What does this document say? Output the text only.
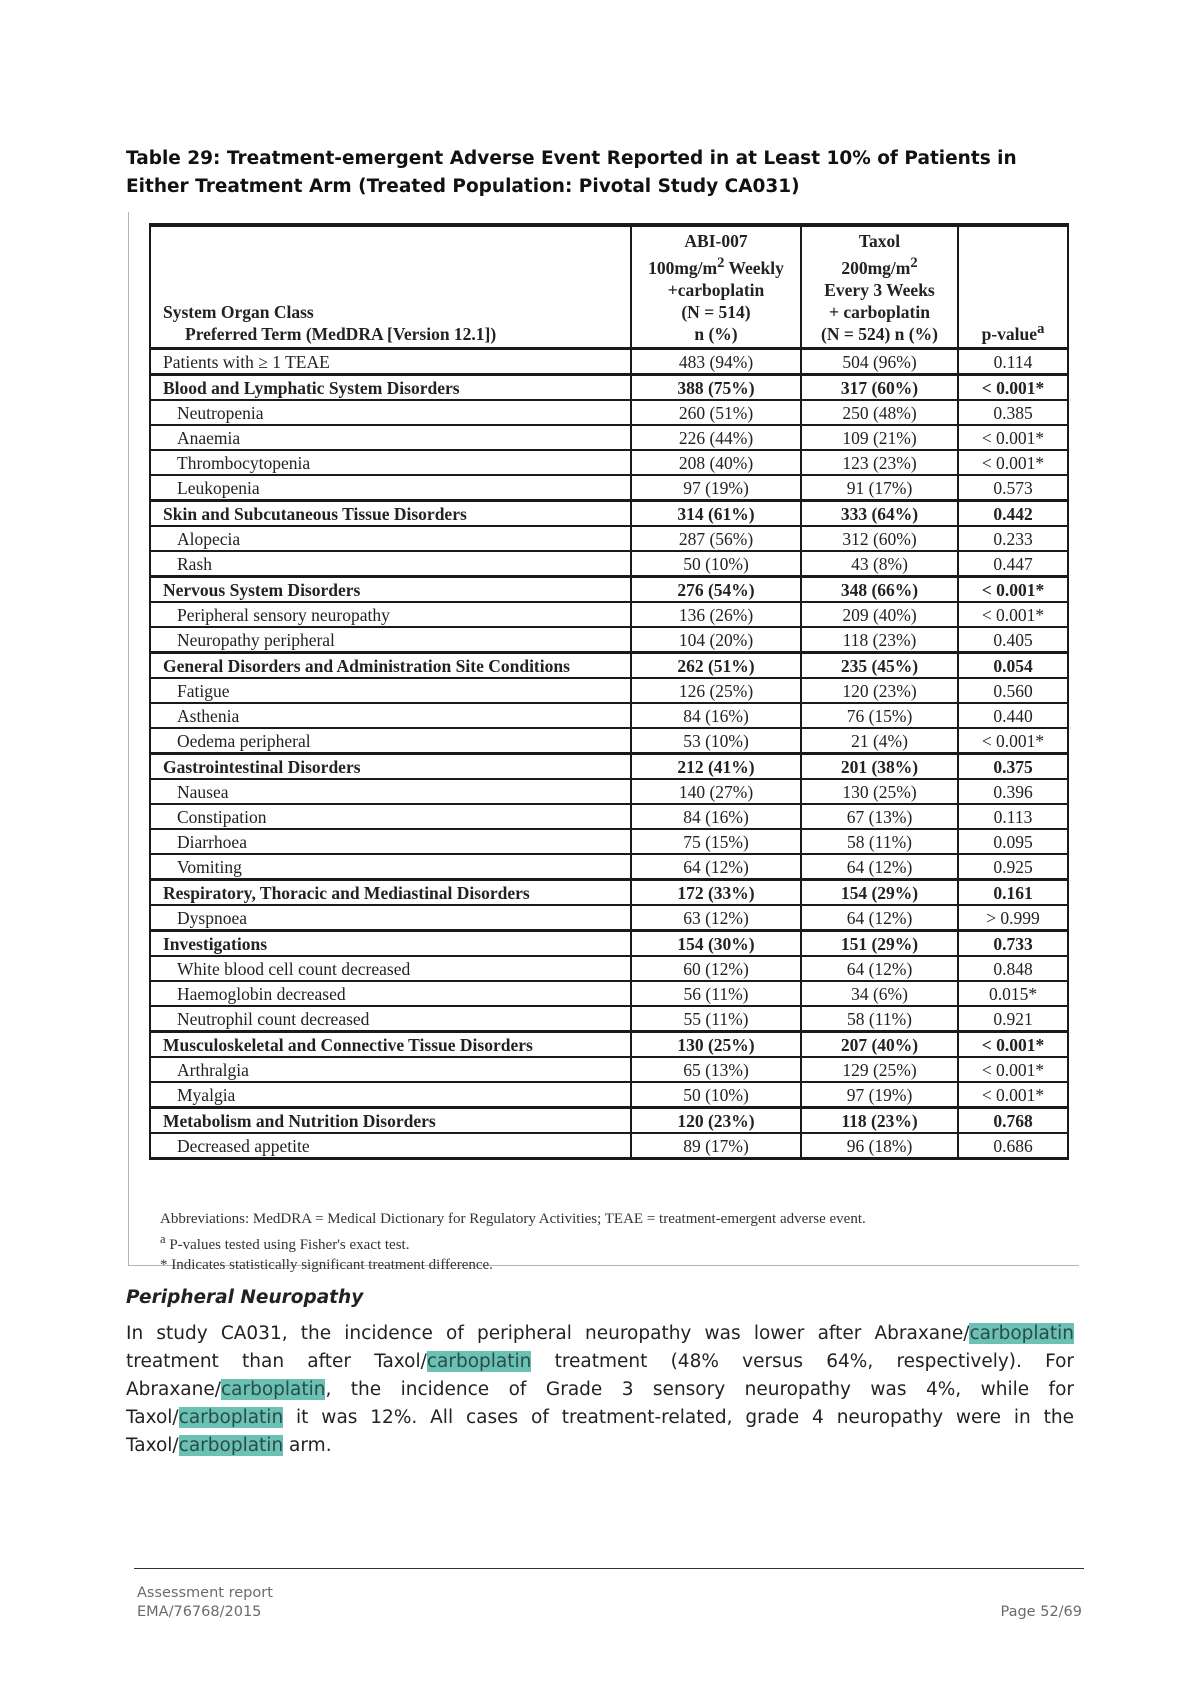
Table 29: Treatment-emergent Adverse Event Reported in at Least 10% of Patients in Either Treatment Arm (Treated Population: Pivotal Study CA031)
System Organ Class
Preferred Term (MedDRA [Version 12.1])	ABI-007
$100mg/m^2$ Weekly
+carboplatin
(N = 514)
n (%)	Taxol
$200mg/m^2$
Every 3 Weeks
+ carboplatin
(N = 524) n (%)	p-value$^a$
Patients with ≥ 1 TEAE	483 (94%)	504 (96%)	0.114
Blood and Lymphatic System Disorders	388 (75%)	317 (60%)	< 0.001*
Neutropenia	260 (51%)	250 (48%)	0.385
Anaemia	226 (44%)	109 (21%)	< 0.001*
Thrombocytopenia	208 (40%)	123 (23%)	< 0.001*
Leukopenia	97 (19%)	91 (17%)	0.573
Skin and Subcutaneous Tissue Disorders	314 (61%)	333 (64%)	0.442
Alopecia	287 (56%)	312 (60%)	0.233
Rash	50 (10%)	43 (8%)	0.447
Nervous System Disorders	276 (54%)	348 (66%)	< 0.001*
Peripheral sensory neuropathy	136 (26%)	209 (40%)	< 0.001*
Neuropathy peripheral	104 (20%)	118 (23%)	0.405
General Disorders and Administration Site Conditions	262 (51%)	235 (45%)	0.054
Fatigue	126 (25%)	120 (23%)	0.560
Asthenia	84 (16%)	76 (15%)	0.440
Oedema peripheral	53 (10%)	21 (4%)	< 0.001*
Gastrointestinal Disorders	212 (41%)	201 (38%)	0.375
Nausea	140 (27%)	130 (25%)	0.396
Constipation	84 (16%)	67 (13%)	0.113
Diarrhoea	75 (15%)	58 (11%)	0.095
Vomiting	64 (12%)	64 (12%)	0.925
Respiratory, Thoracic and Mediastinal Disorders	172 (33%)	154 (29%)	0.161
Dyspnoea	63 (12%)	64 (12%)	> 0.999
Investigations	154 (30%)	151 (29%)	0.733
White blood cell count decreased	60 (12%)	64 (12%)	0.848
Haemoglobin decreased	56 (11%)	34 (6%)	0.015*
Neutrophil count decreased	55 (11%)	58 (11%)	0.921
Musculoskeletal and Connective Tissue Disorders	130 (25%)	207 (40%)	< 0.001*
Arthralgia	65 (13%)	129 (25%)	< 0.001*
Myalgia	50 (10%)	97 (19%)	< 0.001*
Metabolism and Nutrition Disorders	120 (23%)	118 (23%)	0.768
Decreased appetite	89 (17%)	96 (18%)	0.686
Abbreviations: MedDRA = Medical Dictionary for Regulatory Activities; TEAE = treatment-emergent adverse event.
$^a$ P-values tested using Fisher's exact test.
* Indicates statistically significant treatment difference.
Peripheral Neuropathy

In study CA031, the incidence of peripheral neuropathy was lower after Abraxane/carboplatin treatment than after Taxol/carboplatin treatment (48% versus 64%, respectively). For Abraxane/carboplatin, the incidence of Grade 3 sensory neuropathy was 4%, while for Taxol/carboplatin it was 12%. All cases of treatment-related, grade 4 neuropathy were in the Taxol/carboplatin arm.

Assessment report
EMA/76768/2015	Page 52/69
